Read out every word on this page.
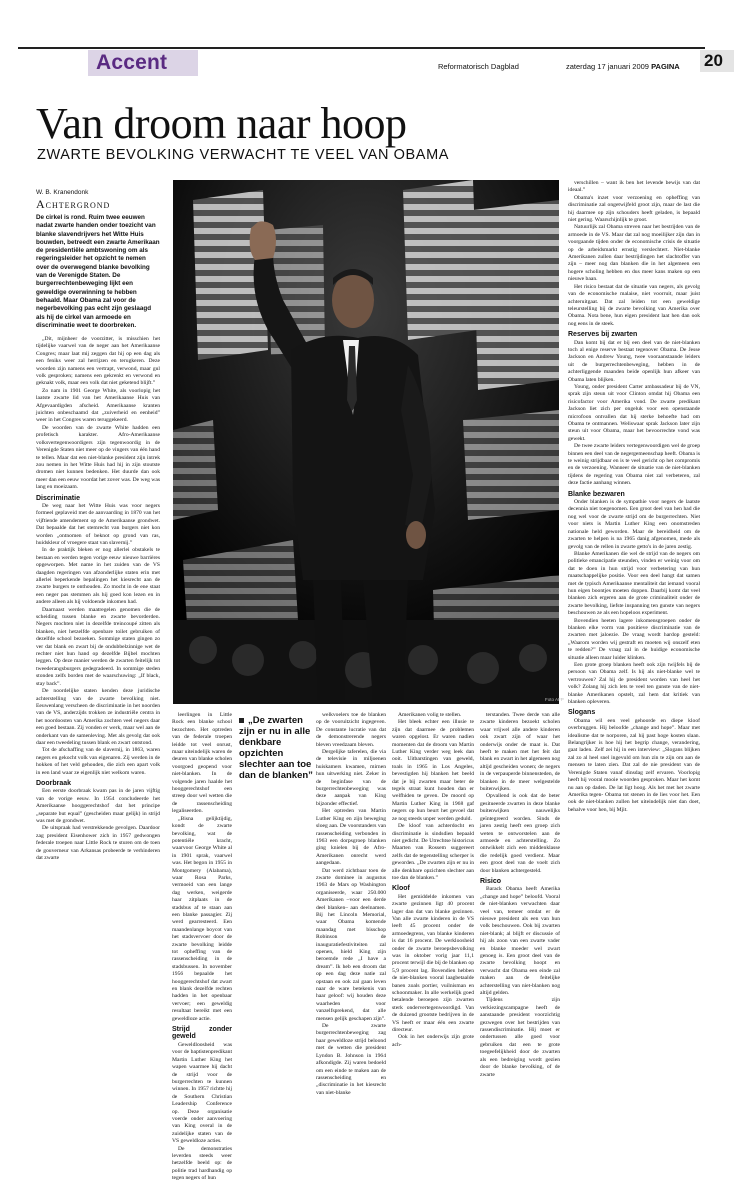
Accent	Reformatorisch Dagblad	zaterdag 17 januari 2009 PAGINA 20
Van droom naar hoop
ZWARTE BEVOLKING VERWACHT TE VEEL VAN OBAMA
W. B. Kranendonk
Achtergrond
De cirkel is rond. Ruim twee eeuwen nadat zwarte handen onder toezicht van blanke slavendrijvers het Witte Huis bouwden, betreedt een zwarte Amerikaan de presidentiële ambtswoning om als regeringsleider het opzicht te nemen over de overwegend blanke bevolking van de Verenigde Staten. De burgerrechtenbeweging lijkt een geweldige overwinning te hebben behaald. Maar Obama zal voor de negerbevolking pas echt zijn geslaagd als hij de cirkel van armoede en discriminatie weet te doorbreken.

„Dit, mijnheer de voorzitter, is misschien het tijdelijke vaarwel van de neger aan het Amerikaanse Congres; maar laat mij zeggen dat hij op een dag als een feniks weer zal herrijzen en terugkeren. Deze woorden zijn namens een vertrapt, verwond, maar gul volk gesproken; namens een gekrenkt en verwond en geknakt volk, maar een volk dat niet geketend blijft.”

Zo nam in 1901 George White, als voorlopig het laatste zwarte lid van het Amerikaanse Huis van Afgevaardigden afscheid. Amerikaanse kranten juichten onbeschaamd dat „zuiverheid en eenheid” weer in het Congres waren teruggekeerd.

De woorden van de zwarte White hadden een profetisch karakter. Afro-Amerikaanse volksvertegenwoordigers zijn tegenwoordig in de Verenigde Staten niet meer op de vingers van één hand te tellen. Maar dat een niet-blanke president zijn intrek zou nemen in het Witte Huis had hij in zijn stoutste dromen niet kunnen bedenken. Het duurde dan ook meer dan een eeuw voordat het zover was. De weg was lang en moeizaam.

Discriminatie

De weg naar het Witte Huis was voor negers formeel geplaveid met de aanvaarding in 1870 van het vijftiende amendement op de Amerikaanse grondwet. Dat bepaalde dat het stemrecht van burgers niet kon worden „ontnomen of beknot op grond van ras, huidskleur of vroegere staat van slavernij.”

In de praktijk bleken er nog allerlei obstakels te bestaan en werden tegen vorige eeuw nieuwe barrières opgeworpen. Met name in het zuiden van de VS daagden regeringen van afzonderlijke staten erin met allerlei beperkende bepalingen het kiesrecht aan de zwarte burgers te onthouden. Zo mocht in de ene staat een neger pas stemmen als hij goed kon lezen en in andere alleen als hij voldoende inkomen had.

Daarnaast werden maatregelen genomen die de scheiding tussen blanke en zwarte bevorderden. Negers mochten niet in dezelfde treincoupé zitten als blanken, niet hetzelfde openbare toilet gebruiken of dezelfde school bezoeken. Sommige staten gingen zo ver dat blank en zwart bij de ondubbelzinnige wet de rechter niet hun hand op dezelfde Bijbel mochten leggen. Op deze manier werden de zwarten feitelijk tot tweederangsburgers gedegradeerd. In sommige steden stonden zelfs borden met de waarschuwing: „If black, stay back”.

De noordelijke staten kenden deze juridische achterstelling van de zwarte bevolking niet. Eeuwenlang verscheen de discriminatie in het noorden van de VS, anderzijds trokken ze industriële centra in het noordoosten van Amerika zochten veel negers daar een goed bestaan. Zij vonden er werk, maar wel aan de onderkant van de samenleving. Met als gevolg dat ook daar een tweedeling tussen blank en zwart ontstond.

Tot de afschaffing van de slavernij, in 1863, waren negers en gekocht volk van eigenaren. Zij werden in de hokken of het veld gehouden, die zich een apart volk in een land waar ze eigenlijk niet welkom waren.

Doorbraak

Een eerste doorbraak kwam pas in de jaren vijftig van de vorige eeuw. In 1954 concludeerde het Amerikaanse hooggerechtshof dat het principe „separate but equal” (gescheiden maar gelijk) in strijd was met de grondwet.

De uitspraak had verstrekkende gevolgen. Daardoor zag president Eisenhower zich in 1957 gedwongen federale troepen naar Little Rock te sturen om de toen de gouverneur van Arkansas probeerde te verhinderen dat zwarte

leerlingen in Little Rock een blanke school bezochten. Het optreden van de federale troepen leidde tot veel onrust, maar uiteindelijk waren de deuren van blanke scholen voorgoed geopend voor niet-blanken. In de volgende jaren haalde het hooggerechtshof een streep door wel wetten die de rassenscheiding legaliseerden.

„Bisna gelijktijdig, kondt de zwarte bevolking, wat de potentiële kracht, waarvoor George White al in 1901 sprak, vaarwel was. Het begon in 1955 in Montgomery (Alabama), waar Rosa Parks, vermoeid van een lange dag werken, weigerde haar zitplaats in de stadsbus af te staan aan een blanke passagier. Zij werd gearresteerd. Een maandenlange boycot van het stadsvervoer door de zwarte bevolking leidde tot opheffing van de rassenscheiding in de stadsbussen. In november 1956 bepaalde het hooggerechtshof dat zwart en blank dezelfde rechten hadden in het openbaar vervoer; een geweldig resultaat bereikt met een geweldloze actie.

Strijd zonder geweld

Geweldloosheid was voor de baptistenpredikant Martin Luther King het wapen waarmee hij dacht de strijd voor de burgerrechten te kunnen winnen. In 1957 richtte hij de Southern Christian Leadership Conference op. Deze organisatie voerde onder aanvoering van King overal in de zuidelijke staten van de VS geweldloze acties.

De demonstraties leverden steeds weer hetzelfde beeld op: de politie trad hardhandig op tegen negers of hun

welkvoelers toe de blanken op de vooruitzicht ingegeven. De constante lucratie van dat de demonstrerende negers bleven vreedzaam bleven.

Dergelijke taferelen, die via de televisie in miljoenen huiskamers kwamen, mirnen hun uitwerking niet. Zeker in de beginfase van de burgerrechtenbeweging was deze aanpak van King bijzonder effectief.

Het optreden van Martin Luther King en zijn beweging sloeg aan. De voorstanders van rassenscheiding verbonden in 1963 een dorpsgroep blanken ging knielen bij de Afro-Amerikanen onrecht werd aangedaan.

Dat werd zichtbaar toen de zwarte dominee in augustus 1963 de Mars op Washington organiseerde, waar 250.000 Amerikanen –voor een derde deel blanken– aan deelnamen. Bij het Lincoln Memorial, waar Obama komende maandag met bisschop Robinson de inauguratiefestiviteiten zal openen, hield King zijn beroemde rede „I have a dream”. Ik heb een droom dat op een dag deze natie zal opstaan en ook zal gaan leven naar de ware betekenis van haar geloof: wij houden deze waarheden voor vanzelfsprekend, dat alle mensen gelijk geschapen zijn”.

De zwarte burgerrechtenbeweging zag haar geweldloze strijd beloond met de wetten die president Lyndon B. Johnson in 1964 afkondigde. Zij waren bedoeld om een einde te maken aan de rassenscheiding en „discriminatie in het kiesrecht van niet-blanke

Amerikanen volig te stellen.

Het bleek echter een illusie te zijn dat daarmee de problemen waren opgelost. Er waren nadien momenten dat de droom van Martin Luther King verder weg leek dan ooit. Uitbarstingen van geweld, toals in 1965 in Los Angeles, bevestigden hij blanken het beeld dat je bij zwarten maar beter de tegels straat kunt houden dan er welfhiden te geven. De moord op Martin Luther King in 1968 gaf negers op hun beurt het gevoel dat ze nog steeds unper werden geduld.

De kloof van achterdocht en discriminatie is sindsdien bepaald niet gedicht. De Utrechtse historicus Maarten van Rossem suggereert zelfs dat de tegenstelling scherper is geworden. „De zwarten zijn er nu in alle denkbare opzichten slechter aan toe dan de blanken.”

Kloof

Het gemiddelde inkomen van zwarte gezinnen ligt 40 procent lager dan dat van blanke gezinnen. Van alle zwarte kinderen in de VS leeft 45 procent onder de armoedegrens, van blanke kinderen is dat 16 procent. De werkloosheid onder de zwarte beroepsbevolking was in oktober vorig jaar 11,1 procent terwijl die bij de blanken op 5,9 procent lag. Bovendien hebben de niet-blanken vooral laagbetaalde banen zoals portier, vuilnisman en schoonmaker. In alle werkelijk goed betalende beroepen zijn zwarten sterk ondervertegenwoordigd. Van de duizend grootste bedrijven in de VS heeft er maar één een zwarte directeur.

Ook in het onderwijs zijn grote ach-

terstanden. Twee derde van alle zwarte kinderen bezoekt scholen waar vrijwel alle andere kinderen ook zwart zijn of waar het onderwijs onder de maat is. Dat heeft te maken met het feit dat blank en zwart in het algemeen nog altijd gescheiden wonen; de negers in de verpauperde binnensteden, de blanken in de meer welgestelde buitenwijken.

Opvallend is ook dat de beter gesitueerde zwarten in deze blanke buitenwijken nauwelijks geïntegreerd worden. Sinds de jaren zestig heeft een groep zich weten te ontworstelen aan de armoede en achterstelling. Zo ontwikkelt zich een middenklasse die redelijk goed verdient. Maar een groot deel van de voelt zich door blanken achtergesteld.

Risico

Barack Obama heeft Amerika „change and hope” beloofd. Vooral de niet-blanken verwachten daar veel van, temeer omdat er de nieuwe president als een van hun volk beschouwen. Ook bij zwarten niet-blank; al blijft er discussie of hij als zoon van een zwarte vader en blanke moeder wel zwart genoeg is. Een groot deel van de zwarte bevolking hoopt en verwacht dat Obama een einde zal maken aan de feitelijke achterstelling van niet-blanken nog altijd gelden.

Tijdens zijn verkiezingscampagne heeft de aanstaande president voorzichtig gezwegen over het bestrijden van rassendiscriminatie. Hij moet er ondertussen alle goed voor gebruiken dat een te grote toegeefelijkheid door de zwarten als een bedreiging wordt gezien door de blanke bevolking, of de zwarte

verschillen – want ik ben het levende bewijs van dat ideaal.”

Obama's inzet voor verzoening en opheffing van discriminatie zal ongetwijfeld groot zijn, maar de last die hij daarmee op zijn schouders heeft geladen, is bepaald niet gering. Waarschijnlijk te groot.

Natuurlijk zal Obama streven naar het bestrijden van de armoede in de VS. Maar dat zal nog moeilijker zijn dan in voorgaande tijden onder de economische crisis de situatie op de arbeidsmarkt ernstig verslechtert. Niet-blanke Amerikanen zullen daar bestrijdingen het slachtoffer van zijn – meer nog dan blanken die in het algemeen een hogere scholing hebben en dus meer kans maken op een nieuwe baan.

Het risico bestaat dat de situatie van negers, als gevolg van de economische malaise, niet voorruit, maar juist achteruitgaat. Dat zal leiden tot een geweldige teleurstelling bij de zwarte bevolking van Amerika over Obama. Nota bene, hun eigen president laat hen dan ook nog eens in de steek.

Reserves bij zwarten

Dan komt bij dat er bij een deel van de niet-blanken toch al enige reserve bestaat tegenover Obama. De Jesse Jackson en Andrew Young, twee vooraanstaande leiders uit de burgerrechtenbeweging, hebben in de achterliggende maanden beide openlijk hun afkeer van Obama laten blijken.

Young, onder president Carter ambassadeur bij de VN, sprak zijn steun uit voor Clinton omdat hij Obama een risicofactor voor Amerika vond. De zwarte predikant Jackson liet zich per ongeluk voor een openstaande microfoon ontvallen dat hij sterke behoefte had om Obama te ontmannen. Weliswaar sprak Jackson later zijn steun uit voor Obama, maar het bevoorrechte vond was gewekt.

De twee zwarte leiders vertegenwoordigen wel de groep binnen een deel van de negergemeenschap heeft. Obama is te weinig strijdbaar en is te veel gericht op het compromis en de verzoening. Wanneer de situatie van de niet-blanken tijdens de regering van Obama niet zal verbeteren, zal deze factie aanhang winnen.

Blanke bezwaren

Onder blanken is de sympathie voor negers de laatste decennia niet toegenomen. Een groot deel van hen had die nog wel voor de zwarte strijd om de burgerrechten. Niet voor niets is Martin Luther King een onomstreden nationale held geworden. Maar de bereidheid om de zwarten te helpen is na 1965 danig afgenomen, mede als gevolg van de rellen in zwarte getto's in de jaren zestig.

Blanke Amerikanen die wel de strijd van de negers om politieke emancipatie steunden, vinden er weinig voor om dat te doen in hun strijd voor verbetering van hun maatschappelijke positie. Voor een deel hangt dat samen met de typisch Amerikaanse mentaliteit dat iemand vooral hun eigen boontjes moeten doppen. Daarbij komt dat veel blanken zich ergeren aan de grote criminaliteit onder de zwarte bevolking, liefste inspanning ten gunste van negers beschouwen ze als een hopeloos experiment.

Bovendien heeten lagere inkomensgroepen onder de blanken elke vorm van positieve discriminatie van de zwarten met jaloezie. De vraag wordt hardop gesteld: „Waarom worden wij gestraft en moeten wij onszelf eten te redden?” De vraag zal in de huidige economische situatie alleen maar luider klinken.

Een grote groep blanken heeft ook zijn twijfels bij de persoon van Obama zelf. Is hij als niet-blanke wel te vertrouwen? Zal hij de president worden van heel het volk? Zolang hij zich lets te veel ten gunste van de niet-blanke Amerikanen opstelt, zal hem dat kritiek van blanken opleveren.

Slogans

Obama wil een veel gehoorde en diepe kloof overbruggen. Hij beloofde „change and hope”. Maar met idealisme dat te norporen, zal hij past hoge kosten slaan. Belangrijker is hoe hij het begrip change, verandering, gaat laden. Zelf zei hij in een interview: „Slogans blijken zal zo al heel snel ingevuld om hun zin te zijn om aan de mensen te laten zien. Dat zal de nie president van de Verenigde Staten vanaf dinsdag zelf ervaren. Voorlopig heeft hij vooral mooie woorden gesproken. Maar het komt nu aan op daden. De lat ligt hoog. Als het met het zwarte Amerika tegen- Obama tot stenen in de lies voor het. Een ook de niet-blanken zullen het uiteindelijk niet dan doet, behalve voor hen, bij Mjit.

„De zwarten zijn er nu in alle denkbare opzichten slechter aan toe dan de blanken”
Foto AFP
